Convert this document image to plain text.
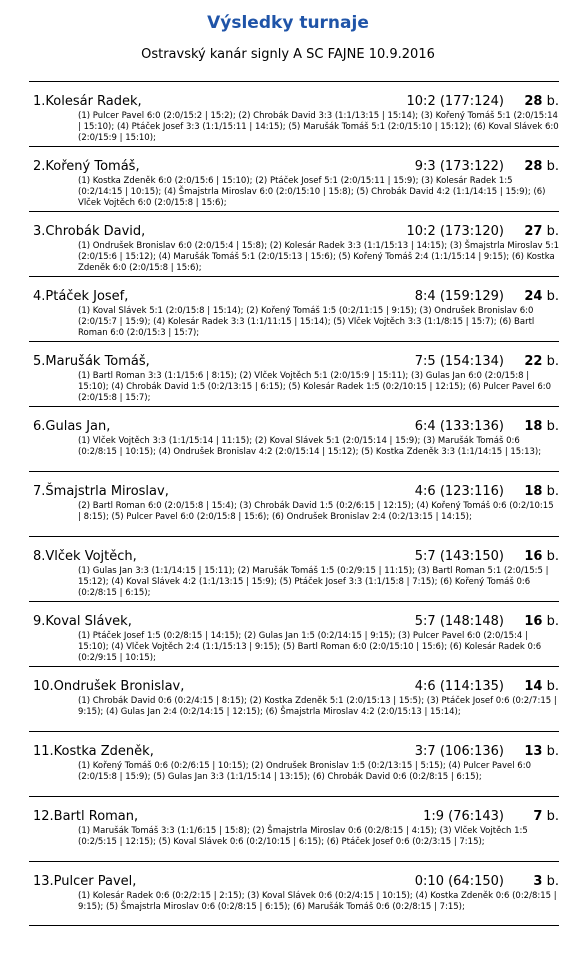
Výsledky turnaje
Ostravský kanár signly A SC FAJNE 10.9.2016
1.Kolesár Radek,	10:2 (177:124) 28 b.
(1) Pulcer Pavel 6:0 (2:0/15:2 | 15:2); (2) Chrobák David 3:3 (1:1/13:15 | 15:14); (3) Kořený Tomáš 5:1 (2:0/15:14 | 15:10); (4) Ptáček Josef 3:3 (1:1/15:11 | 14:15); (5) Marušák Tomáš 5:1 (2:0/15:10 | 15:12); (6) Koval Slávek 6:0 (2:0/15:9 | 15:10);
2.Kořený Tomáš,	9:3 (173:122) 28 b.
(1) Kostka Zdeněk 6:0 (2:0/15:6 | 15:10); (2) Ptáček Josef 5:1 (2:0/15:11 | 15:9); (3) Kolesár Radek 1:5 (0:2/14:15 | 10:15); (4) Šmajstrla Miroslav 6:0 (2:0/15:10 | 15:8); (5) Chrobák David 4:2 (1:1/14:15 | 15:9); (6) Vlček Vojtěch 6:0 (2:0/15:8 | 15:6);
3.Chrobák David,	10:2 (173:120) 27 b.
(1) Ondrušek Bronislav 6:0 (2:0/15:4 | 15:8); (2) Kolesár Radek 3:3 (1:1/15:13 | 14:15); (3) Šmajstrla Miroslav 5:1 (2:0/15:6 | 15:12); (4) Marušák Tomáš 5:1 (2:0/15:13 | 15:6); (5) Kořený Tomáš 2:4 (1:1/15:14 | 9:15); (6) Kostka Zdeněk 6:0 (2:0/15:8 | 15:6);
4.Ptáček Josef,	8:4 (159:129) 24 b.
(1) Koval Slávek 5:1 (2:0/15:8 | 15:14); (2) Kořený Tomáš 1:5 (0:2/11:15 | 9:15); (3) Ondrušek Bronislav 6:0 (2:0/15:7 | 15:9); (4) Kolesár Radek 3:3 (1:1/11:15 | 15:14); (5) Vlček Vojtěch 3:3 (1:1/8:15 | 15:7); (6) Bartl Roman 6:0 (2:0/15:3 | 15:7);
5.Marušák Tomáš,	7:5 (154:134) 22 b.
(1) Bartl Roman 3:3 (1:1/15:6 | 8:15); (2) Vlček Vojtěch 5:1 (2:0/15:9 | 15:11); (3) Gulas Jan 6:0 (2:0/15:8 | 15:10); (4) Chrobák David 1:5 (0:2/13:15 | 6:15); (5) Kolesár Radek 1:5 (0:2/10:15 | 12:15); (6) Pulcer Pavel 6:0 (2:0/15:8 | 15:7);
6.Gulas Jan,	6:4 (133:136) 18 b.
(1) Vlček Vojtěch 3:3 (1:1/15:14 | 11:15); (2) Koval Slávek 5:1 (2:0/15:14 | 15:9); (3) Marušák Tomáš 0:6 (0:2/8:15 | 10:15); (4) Ondrušek Bronislav 4:2 (2:0/15:14 | 15:12); (5) Kostka Zdeněk 3:3 (1:1/14:15 | 15:13);
7.Šmajstrla Miroslav,	4:6 (123:116) 18 b.
(2) Bartl Roman 6:0 (2:0/15:8 | 15:4); (3) Chrobák David 1:5 (0:2/6:15 | 12:15); (4) Kořený Tomáš 0:6 (0:2/10:15 | 8:15); (5) Pulcer Pavel 6:0 (2:0/15:8 | 15:6); (6) Ondrušek Bronislav 2:4 (0:2/13:15 | 14:15);
8.Vlček Vojtěch,	5:7 (143:150) 16 b.
(1) Gulas Jan 3:3 (1:1/14:15 | 15:11); (2) Marušák Tomáš 1:5 (0:2/9:15 | 11:15); (3) Bartl Roman 5:1 (2:0/15:5 | 15:12); (4) Koval Slávek 4:2 (1:1/13:15 | 15:9); (5) Ptáček Josef 3:3 (1:1/15:8 | 7:15); (6) Kořený Tomáš 0:6 (0:2/8:15 | 6:15);
9.Koval Slávek,	5:7 (148:148) 16 b.
(1) Ptáček Josef 1:5 (0:2/8:15 | 14:15); (2) Gulas Jan 1:5 (0:2/14:15 | 9:15); (3) Pulcer Pavel 6:0 (2:0/15:4 | 15:10); (4) Vlček Vojtěch 2:4 (1:1/15:13 | 9:15); (5) Bartl Roman 6:0 (2:0/15:10 | 15:6); (6) Kolesár Radek 0:6 (0:2/9:15 | 10:15);
10.Ondrušek Bronislav,	4:6 (114:135) 14 b.
(1) Chrobák David 0:6 (0:2/4:15 | 8:15); (2) Kostka Zdeněk 5:1 (2:0/15:13 | 15:5); (3) Ptáček Josef 0:6 (0:2/7:15 | 9:15); (4) Gulas Jan 2:4 (0:2/14:15 | 12:15); (6) Šmajstrla Miroslav 4:2 (2:0/15:13 | 15:14);
11.Kostka Zdeněk,	3:7 (106:136) 13 b.
(1) Kořený Tomáš 0:6 (0:2/6:15 | 10:15); (2) Ondrušek Bronislav 1:5 (0:2/13:15 | 5:15); (4) Pulcer Pavel 6:0 (2:0/15:8 | 15:9); (5) Gulas Jan 3:3 (1:1/15:14 | 13:15); (6) Chrobák David 0:6 (0:2/8:15 | 6:15);
12.Bartl Roman,	1:9 (76:143) 7 b.
(1) Marušák Tomáš 3:3 (1:1/6:15 | 15:8); (2) Šmajstrla Miroslav 0:6 (0:2/8:15 | 4:15); (3) Vlček Vojtěch 1:5 (0:2/5:15 | 12:15); (5) Koval Slávek 0:6 (0:2/10:15 | 6:15); (6) Ptáček Josef 0:6 (0:2/3:15 | 7:15);
13.Pulcer Pavel,	0:10 (64:150) 3 b.
(1) Kolesár Radek 0:6 (0:2/2:15 | 2:15); (3) Koval Slávek 0:6 (0:2/4:15 | 10:15); (4) Kostka Zdeněk 0:6 (0:2/8:15 | 9:15); (5) Šmajstrla Miroslav 0:6 (0:2/8:15 | 6:15); (6) Marušák Tomáš 0:6 (0:2/8:15 | 7:15);
